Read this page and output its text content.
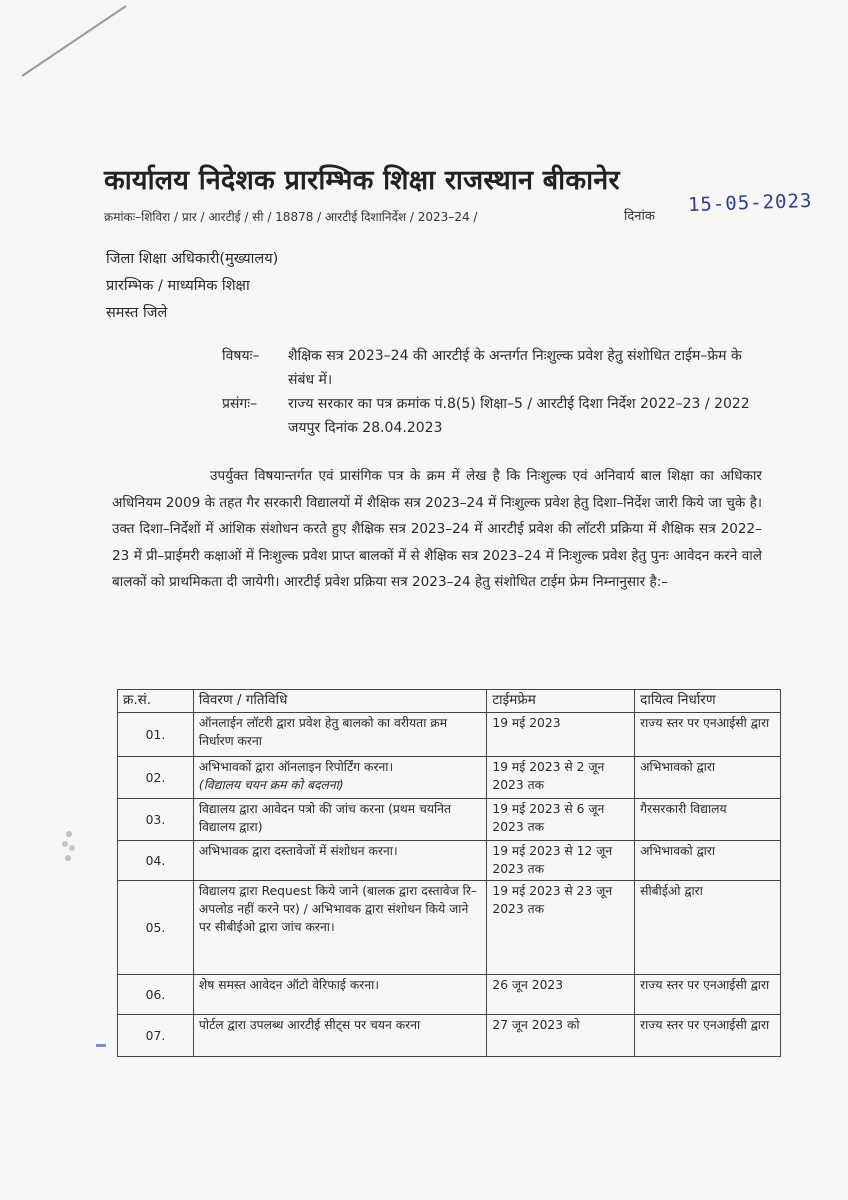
कार्यालय निदेशक प्रारम्भिक शिक्षा राजस्थान बीकानेर
क्रमांकः–शिविरा / प्रार / आरटीई / सी / 18878 / आरटीई दिशानिर्देश / 2023–24 /	दिनांक
15-05-2023
जिला शिक्षा अधिकारी(मुख्यालय)
प्रारम्भिक / माध्यमिक शिक्षा
समस्त जिले
विषयः–	शैक्षिक सत्र 2023–24 की आरटीई के अन्तर्गत निःशुल्क प्रवेश हेतु संशोधित टाईम–फ्रेम के संबंध में।
प्रसंगः–	राज्य सरकार का पत्र क्रमांक पं.8(5) शिक्षा–5 / आरटीई दिशा निर्देश 2022–23 / 2022 जयपुर दिनांक 28.04.2023
उपर्युक्त विषयान्तर्गत एवं प्रासंगिक पत्र के क्रम में लेख है कि निःशुल्क एवं अनिवार्य बाल शिक्षा का अधिकार अधिनियम 2009 के तहत गैर सरकारी विद्यालयों में शैक्षिक सत्र 2023–24 में निःशुल्क प्रवेश हेतु दिशा–निर्देश जारी किये जा चुके है। उक्त दिशा–निर्देशों में आंशिक संशोधन करते हुए शैक्षिक सत्र 2023–24 में आरटीई प्रवेश की लॉटरी प्रक्रिया में शैक्षिक सत्र 2022–23 में प्री–प्राईमरी कक्षाओं में निःशुल्क प्रवेश प्राप्त बालकों में से शैक्षिक सत्र 2023–24 में निःशुल्क प्रवेश हेतु पुनः आवेदन करने वाले बालकों को प्राथमिकता दी जायेगी। आरटीई प्रवेश प्रक्रिया सत्र 2023–24 हेतु संशोधित टाईम फ्रेम निम्नानुसार है:–
क्र.सं.	विवरण / गतिविधि	टाईमफ्रेम	दायित्व निर्धारण
01.	ऑनलाईन लॉटरी द्वारा प्रवेश हेतु बालको का वरीयता क्रम निर्धारण करना	19 मई 2023	राज्य स्तर पर एनआईसी द्वारा
02.	अभिभावकों द्वारा ऑनलाइन रिपोर्टिंग करना।
(विद्यालय चयन क्रम को बदलना)	19 मई 2023 से 2 जून 2023 तक	अभिभावको द्वारा
03.	विद्यालय द्वारा आवेदन पत्रो की जांच करना (प्रथम चयनित विद्यालय द्वारा)	19 मई 2023 से 6 जून 2023 तक	गैरसरकारी विद्यालय
04.	अभिभावक द्वारा दस्तावेजों में संशोधन करना।	19 मई 2023 से 12 जून 2023 तक	अभिभावको द्वारा
05.	विद्यालय द्वारा Request किये जाने (बालक द्वारा दस्तावेज रि–अपलोड नहीं करने पर) / अभिभावक द्वारा संशोधन किये जाने पर सीबीईओ द्वारा जांच करना।	19 मई 2023 से 23 जून 2023 तक	सीबीईओ द्वारा
06.	शेष समस्त आवेदन ऑटो वेरिफाई करना।	26 जून 2023	राज्य स्तर पर एनआईसी द्वारा
07.	पोर्टल द्वारा उपलब्ध आरटीई सीट्स पर चयन करना	27 जून 2023 को	राज्य स्तर पर एनआईसी द्वारा
